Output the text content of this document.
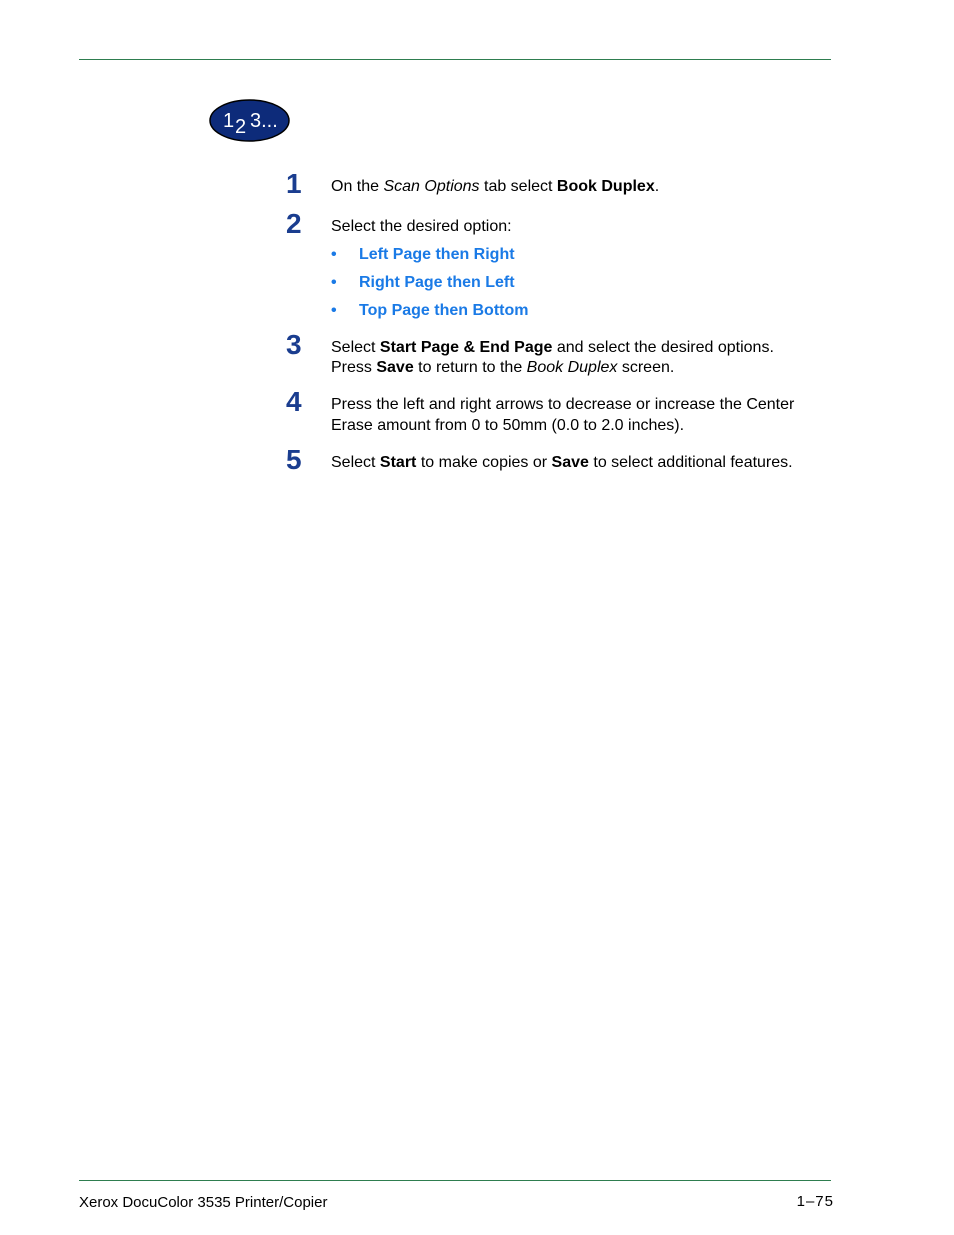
1 2 3...
1 On the Scan Options tab select Book Duplex.
2 Select the desired option:
• Left Page then Right
• Right Page then Left
• Top Page then Bottom
3 Select Start Page & End Page and select the desired options.
Press Save to return to the Book Duplex screen.
4 Press the left and right arrows to decrease or increase the Center
Erase amount from 0 to 50mm (0.0 to 2.0 inches).
5 Select Start to make copies or Save to select additional features.
Xerox DocuColor 3535 Printer/Copier	1–75
